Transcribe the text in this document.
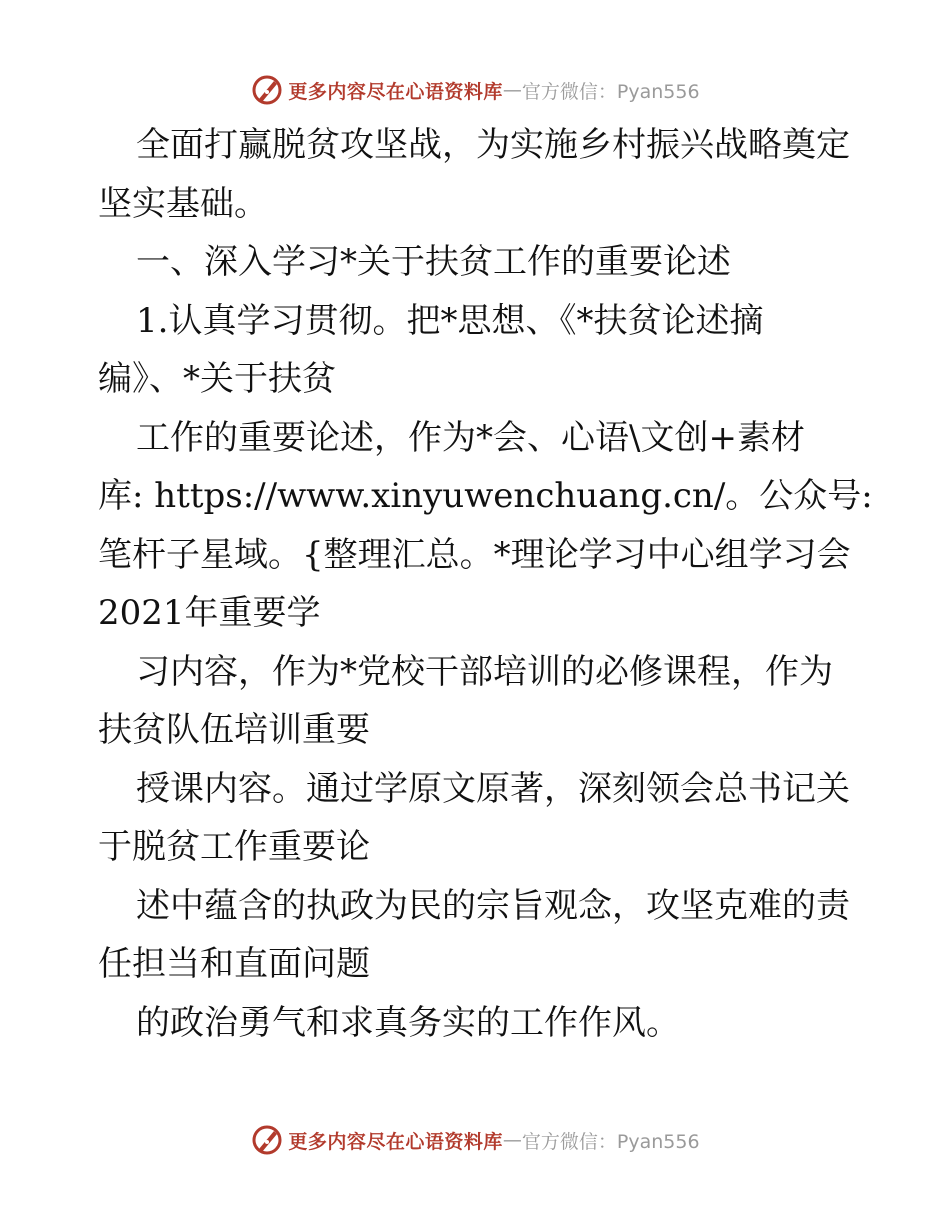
更多内容尽在心语资料库 — 官方微信：Pyan556
全面打赢脱贫攻坚战，为实施乡村振兴战略奠定
坚实基础。
一、深入学习*关于扶贫工作的重要论述
1.认真学习贯彻。把*思想、《*扶贫论述摘
编》、*关于扶贫
工作的重要论述，作为*会、心语\文创+素材
库: https://www.xinyuwenchuang.cn/。公众号:
笔杆子星域。{整理汇总。*理论学习中心组学习会
2021年重要学
习内容，作为*党校干部培训的必修课程，作为
扶贫队伍培训重要
授课内容。通过学原文原著，深刻领会总书记关
于脱贫工作重要论
述中蕴含的执政为民的宗旨观念，攻坚克难的责
任担当和直面问题
的政治勇气和求真务实的工作作风。
更多内容尽在心语资料库 — 官方微信：Pyan556
